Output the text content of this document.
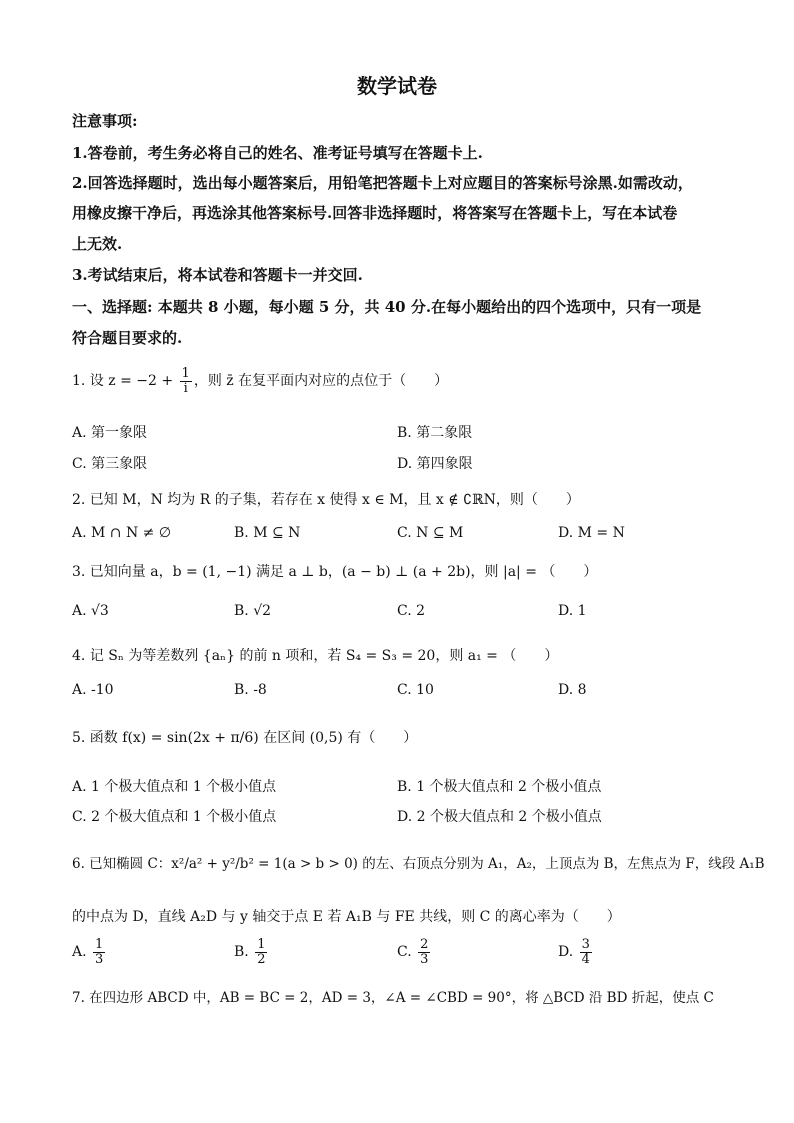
数学试卷
注意事项:
1.答卷前，考生务必将自己的姓名、准考证号填写在答题卡上.
2.回答选择题时，选出每小题答案后，用铅笔把答题卡上对应题目的答案标号涂黑.如需改动，
用橡皮擦干净后，再选涂其他答案标号.回答非选择题时，将答案写在答题卡上，写在本试卷
上无效.
3.考试结束后，将本试卷和答题卡一并交回.
一、选择题: 本题共 8 小题，每小题 5 分，共 40 分.在每小题给出的四个选项中，只有一项是
符合题目要求的.
1. 设 $z = -2 + \frac{1}{i}$ ，则 z̄ 在复平面内对应的点位于（　　）
A. 第一象限	B. 第二象限
C. 第三象限	D. 第四象限
2. 已知 M，N 均为 R 的子集，若存在 x 使得 x ∈ M，且 x ∉ ∁ℝN，则（　　）
A. M ∩ N ≠ ∅	B. M ⊆ N	C. N ⊆ M	D. M = N
3. 已知向量 a，b = (1, −1) 满足 a ⊥ b，(a − b) ⊥ (a + 2b)，则 |a| = （　　）
A. √3	B. √2	C. 2	D. 1
4. 记 Sₙ 为等差数列 {aₙ} 的前 n 项和，若 S₄ = S₃ = 20，则 a₁ = （　　）
A. -10	B. -8	C. 10	D. 8
5. 函数 f(x) = sin(2x + π/6) 在区间 (0,5) 有（　　）
A. 1 个极大值点和 1 个极小值点	B. 1 个极大值点和 2 个极小值点
C. 2 个极大值点和 1 个极小值点	D. 2 个极大值点和 2 个极小值点
6. 已知椭圆 C：x²/a² + y²/b² = 1(a > b > 0) 的左、右顶点分别为 A₁，A₂，上顶点为 B，左焦点为 F，线段 A₁B
的中点为 D，直线 A₂D 与 y 轴交于点 E 若 A₁B 与 FE 共线，则 C 的离心率为（　　）
A. $\frac{1}{3}$	B. $\frac{1}{2}$	C. $\frac{2}{3}$	D. $\frac{3}{4}$
7. 在四边形 ABCD 中，AB = BC = 2，AD = 3，∠A = ∠CBD = 90°，将 △BCD 沿 BD 折起，使点 C
